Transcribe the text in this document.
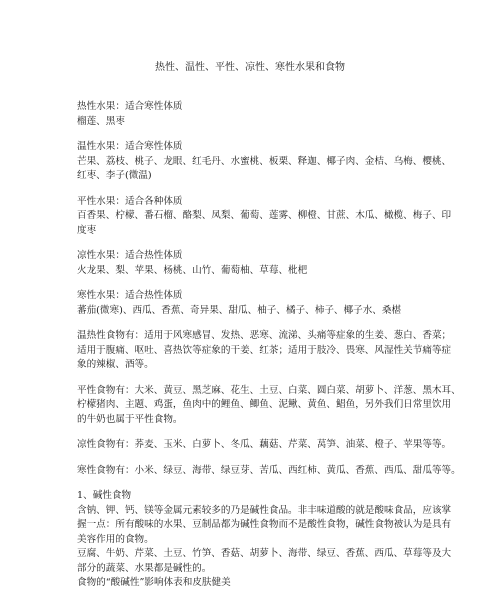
热性、温性、平性、凉性、寒性水果和食物
热性水果：适合寒性体质
榴莲、黑枣
温性水果：适合寒性体质
芒果、荔枝、桃子、龙眼、红毛丹、水蜜桃、板栗、释迦、椰子肉、金桔、乌梅、樱桃、
红枣、李子(微温)
平性水果：适合各种体质
百香果、柠檬、番石榴、酪梨、凤梨、葡萄、莲雾、柳橙、甘蔗、木瓜、橄榄、梅子、印
度枣
凉性水果：适合热性体质
火龙果、梨、苹果、杨桃、山竹、葡萄柚、草莓、枇杷
寒性水果：适合热性体质
蕃茄(微寒)、西瓜、香蕉、奇异果、甜瓜、柚子、橘子、柿子、椰子水、桑椹
温热性食物有：适用于风寒感冒、发热、恶寒、流涕、头痛等症象的生姜、葱白、香菜；
适用于腹痛、呕吐、喜热饮等症象的干姜、红茶；适用于肢冷、畏寒、风湿性关节痛等症
象的辣椒、酒等。
平性食物有：大米、黄豆、黑芝麻、花生、土豆、白菜、圆白菜、胡萝卜、洋葱、黑木耳、
柠檬猪肉、主题、鸡蛋，鱼肉中的鲤鱼、鲫鱼、泥鳅、黄鱼、鲳鱼，另外我们日常里饮用
的牛奶也属于平性食物。
凉性食物有：荞麦、玉米、白萝卜、冬瓜、藕菇、芹菜、莴笋、油菜、橙子、苹果等等。
寒性食物有：小米、绿豆、海带、绿豆芽、苦瓜、西红柿、黄瓜、香蕉、西瓜、甜瓜等等。
1、碱性食物
含钠、钾、钙、镁等金属元素较多的乃是碱性食品。非丰味道酸的就是酸味食品，应该掌
握一点：所有酸味的水果、豆制品都为碱性食物而不是酸性食物，碱性食物被认为是具有
美容作用的食物。
豆腐、牛奶、芹菜、土豆、竹笋、香菇、胡萝卜、海带、绿豆、香蕉、西瓜、草莓等及大
部分的蔬菜、水果都是碱性的。
食物的“酸碱性”影响体表和皮肤健美
